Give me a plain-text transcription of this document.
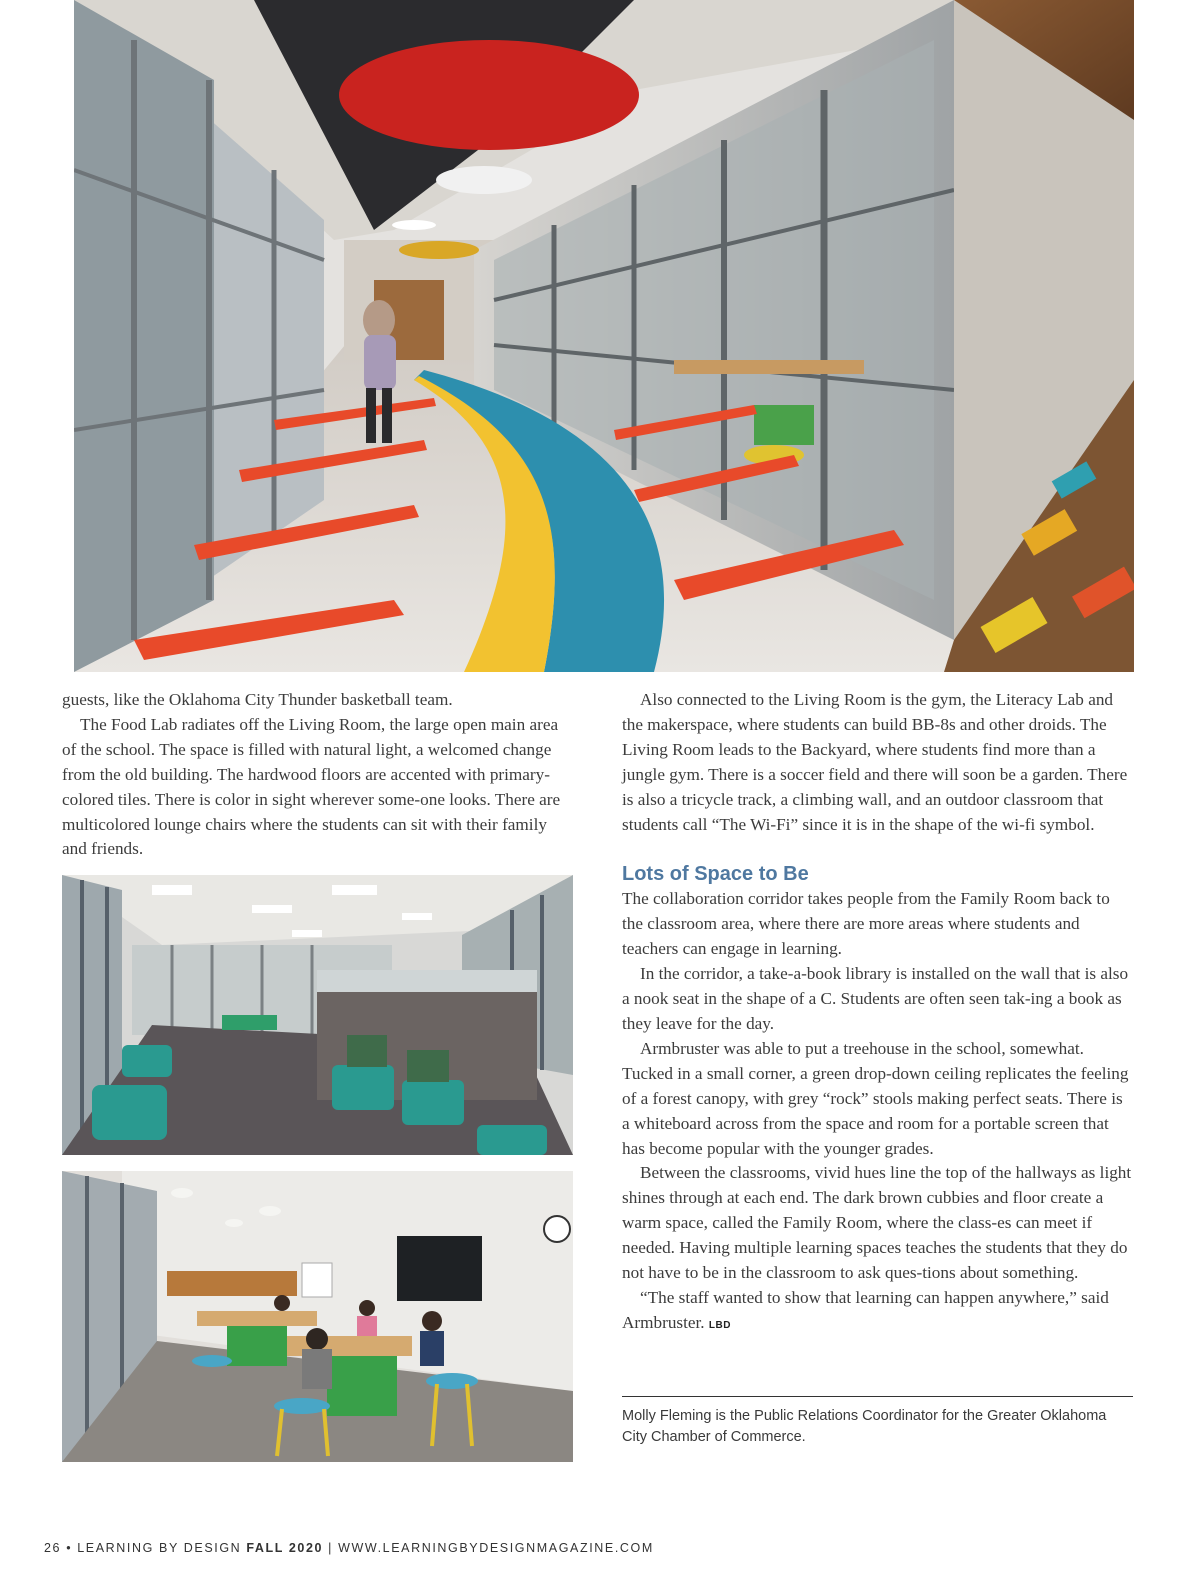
guests, like the Oklahoma City Thunder basketball team.

The Food Lab radiates off the Living Room, the large open main area of the school. The space is filled with natural light, a welcomed change from the old building. The hardwood floors are accented with primary-colored tiles. There is color in sight wherever some-one looks. There are multicolored lounge chairs where the students can sit with their family and friends.

Also connected to the Living Room is the gym, the Literacy Lab and the makerspace, where students can build BB-8s and other droids. The Living Room leads to the Backyard, where students find more than a jungle gym. There is a soccer field and there will soon be a garden. There is also a tricycle track, a climbing wall, and an outdoor classroom that students call “The Wi-Fi” since it is in the shape of the wi-fi symbol.

Lots of Space to Be

The collaboration corridor takes people from the Family Room back to the classroom area, where there are more areas where students and teachers can engage in learning.

In the corridor, a take-a-book library is installed on the wall that is also a nook seat in the shape of a C. Students are often seen tak-ing a book as they leave for the day.

Armbruster was able to put a treehouse in the school, somewhat. Tucked in a small corner, a green drop-down ceiling replicates the feeling of a forest canopy, with grey “rock” stools making perfect seats. There is a whiteboard across from the space and room for a portable screen that has become popular with the younger grades.

Between the classrooms, vivid hues line the top of the hallways as light shines through at each end. The dark brown cubbies and floor create a warm space, called the Family Room, where the class-es can meet if needed. Having multiple learning spaces teaches the students that they do not have to be in the classroom to ask ques-tions about something.

“The staff wanted to show that learning can happen anywhere,” said Armbruster. LBD

Molly Fleming is the Public Relations Coordinator for the Greater Oklahoma City Chamber of Commerce.
26 • LEARNING BY DESIGN FALL 2020 | WWW.LEARNINGBYDESIGNMAGAZINE.COM
